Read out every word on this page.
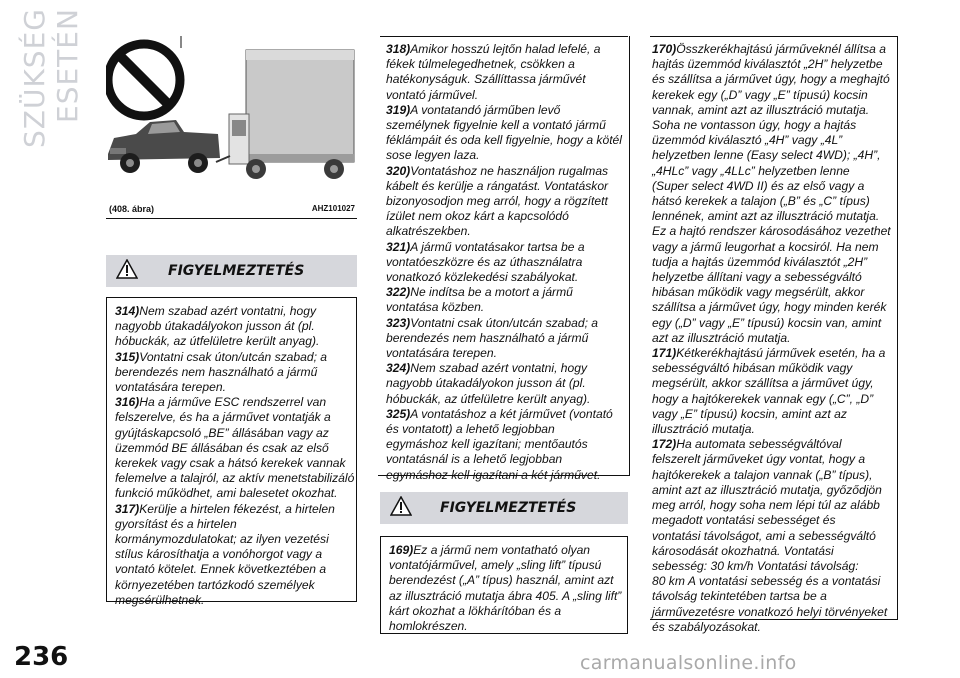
SZÜKSÉG ESETÉN
(408. ábra)	AHZ101027
FIGYELMEZTETÉS
314)Nem szabad azért vontatni, hogy
nagyobb útakadályokon jusson át (pl.
hóbuckák, az útfelületre került anyag).
315)Vontatni csak úton/utcán szabad; a
berendezés nem használható a jármű
vontatására terepen.
316)Ha a járműve ESC rendszerrel van
felszerelve, és ha a járművet vontatják a
gyújtáskapcsoló „BE” állásában vagy az
üzemmód BE állásában és csak az első
kerekek vagy csak a hátsó kerekek vannak
felemelve a talajról, az aktív menetstabilizáló
funkció működhet, ami balesetet okozhat.
317)Kerülje a hirtelen fékezést, a hirtelen
gyorsítást és a hirtelen
kormánymozdulatokat; az ilyen vezetési
stílus károsíthatja a vonóhorgot vagy a
vontató kötelet. Ennek következtében a
környezetében tartózkodó személyek
megsérülhetnek.
318)Amikor hosszú lejtőn halad lefelé, a
fékek túlmelegedhetnek, csökken a
hatékonyságuk. Szállíttassa járművét
vontató járművel.
319)A vontatandó járműben levő
személynek figyelnie kell a vontató jármű
féklámpáit és oda kell figyelnie, hogy a kötél
sose legyen laza.
320)Vontatáshoz ne használjon rugalmas
kábelt és kerülje a rángatást. Vontatáskor
bizonyosodjon meg arról, hogy a rögzített
ízület nem okoz kárt a kapcsolódó
alkatrészekben.
321)A jármű vontatásakor tartsa be a
vontatóeszközre és az úthasználatra
vonatkozó közlekedési szabályokat.
322)Ne indítsa be a motort a jármű
vontatása közben.
323)Vontatni csak úton/utcán szabad; a
berendezés nem használható a jármű
vontatására terepen.
324)Nem szabad azért vontatni, hogy
nagyobb útakadályokon jusson át (pl.
hóbuckák, az útfelületre került anyag).
325)A vontatáshoz a két járművet (vontató
és vontatott) a lehető legjobban
egymáshoz kell igazítani; mentőautós
vontatásnál is a lehető legjobban
egymáshoz kell igazítani a két járművet.
FIGYELMEZTETÉS
169)Ez a jármű nem vontatható olyan
vontatójárművel, amely „sling lift” típusú
berendezést („A” típus) használ, amint azt
az illusztráció mutatja ábra 405. A „sling lift”
kárt okozhat a lökhárítóban és a
homlokrészen.
170)Összkerékhajtású járműveknél állítsa a
hajtás üzemmód kiválasztót „2H” helyzetbe
és szállítsa a járművet úgy, hogy a meghajtó
kerekek egy („D” vagy „E” típusú) kocsin
vannak, amint azt az illusztráció mutatja.
Soha ne vontasson úgy, hogy a hajtás
üzemmód kiválasztó „4H” vagy „4L”
helyzetben lenne (Easy select 4WD); „4H”,
„4HLc” vagy „4LLc” helyzetben lenne
(Super select 4WD II) és az első vagy a
hátsó kerekek a talajon („B” és „C” típus)
lennének, amint azt az illusztráció mutatja.
Ez a hajtó rendszer károsodásához vezethet
vagy a jármű leugorhat a kocsiról. Ha nem
tudja a hajtás üzemmód kiválasztót „2H”
helyzetbe állítani vagy a sebességváltó
hibásan működik vagy megsérült, akkor
szállítsa a járművet úgy, hogy minden kerék
egy („D” vagy „E” típusú) kocsin van, amint
azt az illusztráció mutatja.
171)Kétkerékhajtású járművek esetén, ha a
sebességváltó hibásan működik vagy
megsérült, akkor szállítsa a járművet úgy,
hogy a hajtókerekek vannak egy („C”, „D”
vagy „E” típusú) kocsin, amint azt az
illusztráció mutatja.
172)Ha automata sebességváltóval
felszerelt járműveket úgy vontat, hogy a
hajtókerekek a talajon vannak („B” típus),
amint azt az illusztráció mutatja, győződjön
meg arról, hogy soha nem lépi túl az alább
megadott vontatási sebességet és
vontatási távolságot, ami a sebességváltó
károsodását okozhatná. Vontatási
sebesség: 30 km/h Vontatási távolság:
80 km A vontatási sebesség és a vontatási
távolság tekintetében tartsa be a
járművezetésre vonatkozó helyi törvényeket
és szabályozásokat.
236	carmanualsonline.info
